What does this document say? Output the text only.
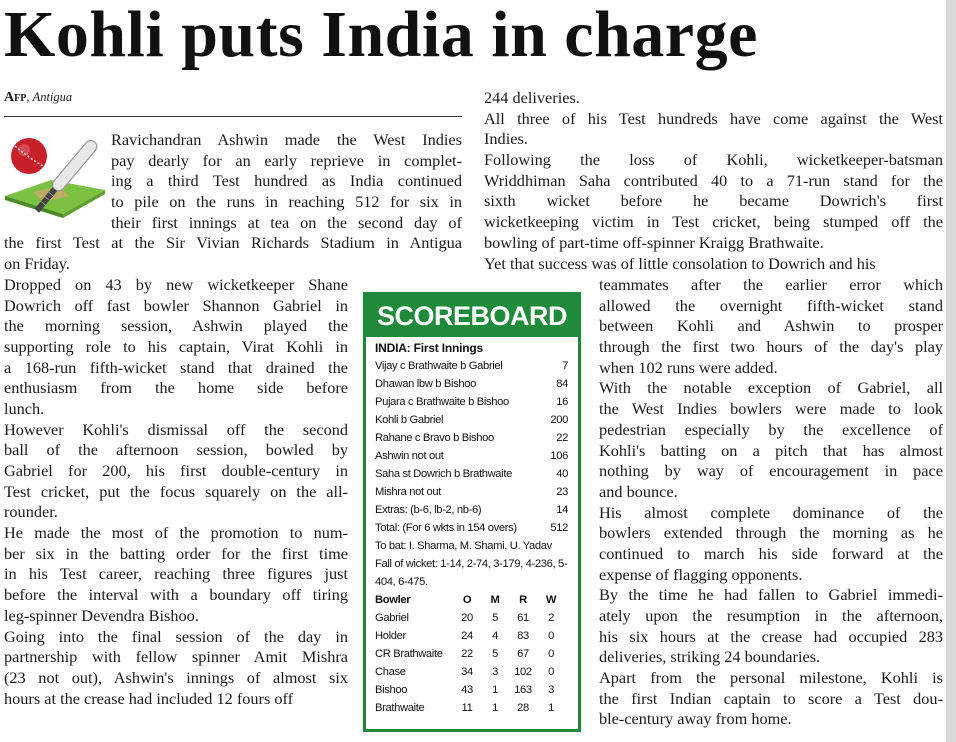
Kohli puts India in charge
Afp, Antigua
Ravichandran Ashwin made the West Indies
pay dearly for an early reprieve in complet-
ing a third Test hundred as India continued
to pile on the runs in reaching 512 for six in
their first innings at tea on the second day of
the first Test at the Sir Vivian Richards Stadium in Antigua
on Friday.
Dropped on 43 by new wicketkeeper Shane
Dowrich off fast bowler Shannon Gabriel in
the morning session, Ashwin played the
supporting role to his captain, Virat Kohli in
a 168-run fifth-wicket stand that drained the
enthusiasm from the home side before
lunch.
However Kohli's dismissal off the second
ball of the afternoon session, bowled by
Gabriel for 200, his first double-century in
Test cricket, put the focus squarely on the all-
rounder.
He made the most of the promotion to num-
ber six in the batting order for the first time
in his Test career, reaching three figures just
before the interval with a boundary off tiring
leg-spinner Devendra Bishoo.
Going into the final session of the day in
partnership with fellow spinner Amit Mishra
(23 not out), Ashwin's innings of almost six
hours at the crease had included 12 fours off
244 deliveries.
All three of his Test hundreds have come against the West
Indies.
Following the loss of Kohli, wicketkeeper-batsman
Wriddhiman Saha contributed 40 to a 71-run stand for the
sixth wicket before he became Dowrich's first
wicketkeeping victim in Test cricket, being stumped off the
bowling of part-time off-spinner Kraigg Brathwaite.
Yet that success was of little consolation to Dowrich and his
teammates after the earlier error which
allowed the overnight fifth-wicket stand
between Kohli and Ashwin to prosper
through the first two hours of the day's play
when 102 runs were added.
With the notable exception of Gabriel, all
the West Indies bowlers were made to look
pedestrian especially by the excellence of
Kohli's batting on a pitch that has almost
nothing by way of encouragement in pace
and bounce.
His almost complete dominance of the
bowlers extended through the morning as he
continued to march his side forward at the
expense of flagging opponents.
By the time he had fallen to Gabriel immedi-
ately upon the resumption in the afternoon,
his six hours at the crease had occupied 283
deliveries, striking 24 boundaries.
Apart from the personal milestone, Kohli is
the first Indian captain to score a Test dou-
ble-century away from home.
SCOREBOARD
INDIA: First Innings
Vijay c Brathwaite b Gabriel	7
Dhawan lbw b Bishoo	84
Pujara c Brathwaite b Bishoo	16
Kohli b Gabriel	200
Rahane c Bravo b Bishoo	22
Ashwin not out	106
Saha st Dowrich b Brathwaite	40
Mishra not out	23
Extras: (b-6, lb-2, nb-6)	14
Total: (For 6 wkts in 154 overs)	512
To bat: I. Sharma, M. Shami, U. Yadav
Fall of wicket: 1-14, 2-74, 3-179, 4-236, 5-404, 6-475.
Bowler	O	M	R	W
Gabriel	20	5	61	2
Holder	24	4	83	0
CR Brathwaite	22	5	67	0
Chase	34	3	102	0
Bishoo	43	1	163	3
Brathwaite	11	1	28	1
